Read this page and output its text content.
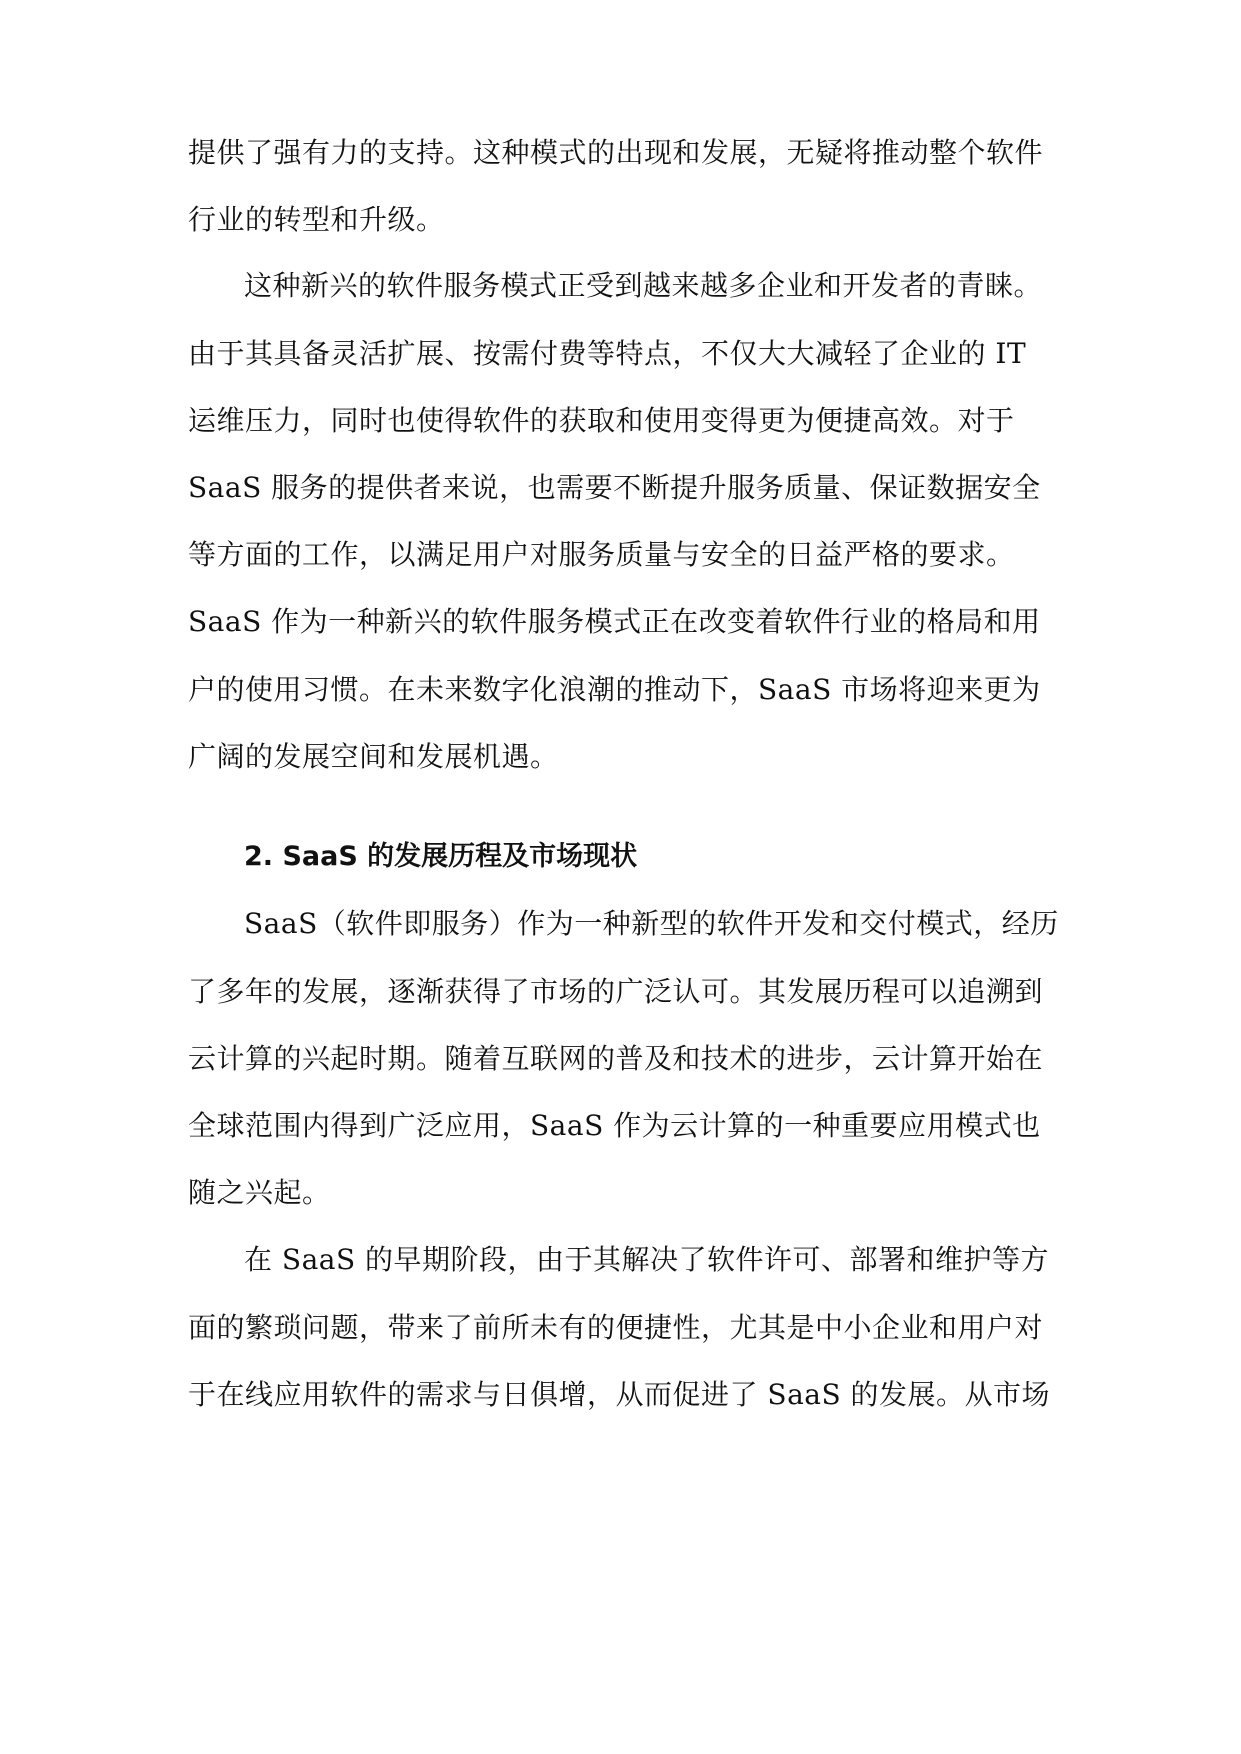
提供了强有力的支持。这种模式的出现和发展，无疑将推动整个软件
行业的转型和升级。
这种新兴的软件服务模式正受到越来越多企业和开发者的青睐。
由于其具备灵活扩展、按需付费等特点，不仅大大减轻了企业的 IT
运维压力，同时也使得软件的获取和使用变得更为便捷高效。对于
SaaS 服务的提供者来说，也需要不断提升服务质量、保证数据安全
等方面的工作，以满足用户对服务质量与安全的日益严格的要求。
SaaS 作为一种新兴的软件服务模式正在改变着软件行业的格局和用
户的使用习惯。在未来数字化浪潮的推动下，SaaS 市场将迎来更为
广阔的发展空间和发展机遇。
2. SaaS 的发展历程及市场现状
SaaS（软件即服务）作为一种新型的软件开发和交付模式，经历
了多年的发展，逐渐获得了市场的广泛认可。其发展历程可以追溯到
云计算的兴起时期。随着互联网的普及和技术的进步，云计算开始在
全球范围内得到广泛应用，SaaS 作为云计算的一种重要应用模式也
随之兴起。
在 SaaS 的早期阶段，由于其解决了软件许可、部署和维护等方
面的繁琐问题，带来了前所未有的便捷性，尤其是中小企业和用户对
于在线应用软件的需求与日俱增，从而促进了 SaaS 的发展。从市场
